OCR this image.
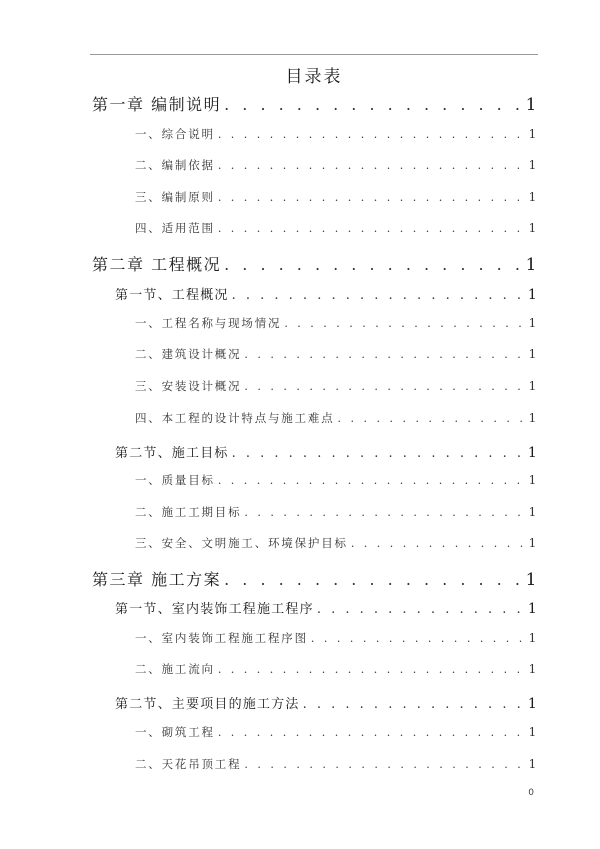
目录表
第一章 编制说明 . . .	1
一、综合说明 . . .	1
二、编制依据 . . .	1
三、编制原则 . . .	1
四、适用范围 . . .	1
第二章 工程概况 . . .	1
第一节、工程概况 . . .	1
一、工程名称与现场情况 . . .	1
二、建筑设计概况 . . .	1
三、安装设计概况 . . .	1
四、本工程的设计特点与施工难点 . . .	1
第二节、施工目标 . . .	1
一、质量目标 . . .	1
二、施工工期目标 . . .	1
三、安全、文明施工、环境保护目标 . . .	1
第三章 施工方案 . . .	1
第一节、室内装饰工程施工程序 . . .	1
一、室内装饰工程施工程序图 . . .	1
二、施工流向 . . .	1
第二节、主要项目的施工方法 . . .	1
一、砌筑工程 . . .	1
二、天花吊顶工程 . . .	1
0
